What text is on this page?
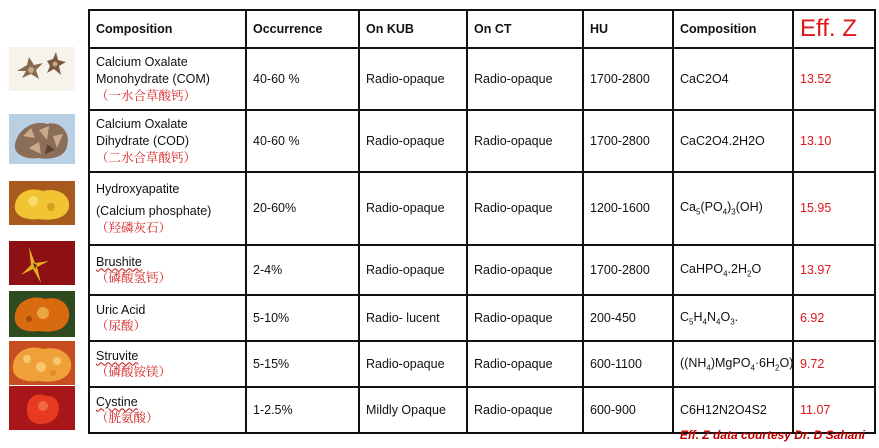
Composition	Occurrence	On KUB	On CT	HU	Composition	Eff. Z

Calcium Oxalate
Monohydrate (COM)
（一水合草酸钙）	40-60 %	Radio-opaque	Radio-opaque	1700-2800	CaC2O4	13.52

Calcium Oxalate
Dihydrate (COD)
（二水合草酸钙）	40-60 %	Radio-opaque	Radio-opaque	1700-2800	CaC2O4.2H2O	13.10

Hydroxyapatite
(Calcium phosphate)
（羟磷灰石）	20-60%	Radio-opaque	Radio-opaque	1200-1600	$Ca_5(PO_4)_3(OH)$	15.95

Brushite
（磷酸氢钙）	2-4%	Radio-opaque	Radio-opaque	1700-2800	$CaHPO_4.2H_2O$	13.97

Uric Acid
（尿酸）	5-10%	Radio- lucent	Radio-opaque	200-450	$C_5H_4N_4O_3$.	6.92

Struvite
（磷酸铵镁）	5-15%	Radio-opaque	Radio-opaque	600-1100	$((NH_4)MgPO_4\cdot 6H_2O)$	9.72

Cystine
（胱氨酸）	1-2.5%	Mildly Opaque	Radio-opaque	600-900	C6H12N2O4S2	11.07
Eff. Z data courtesy Dr. D Sahani
